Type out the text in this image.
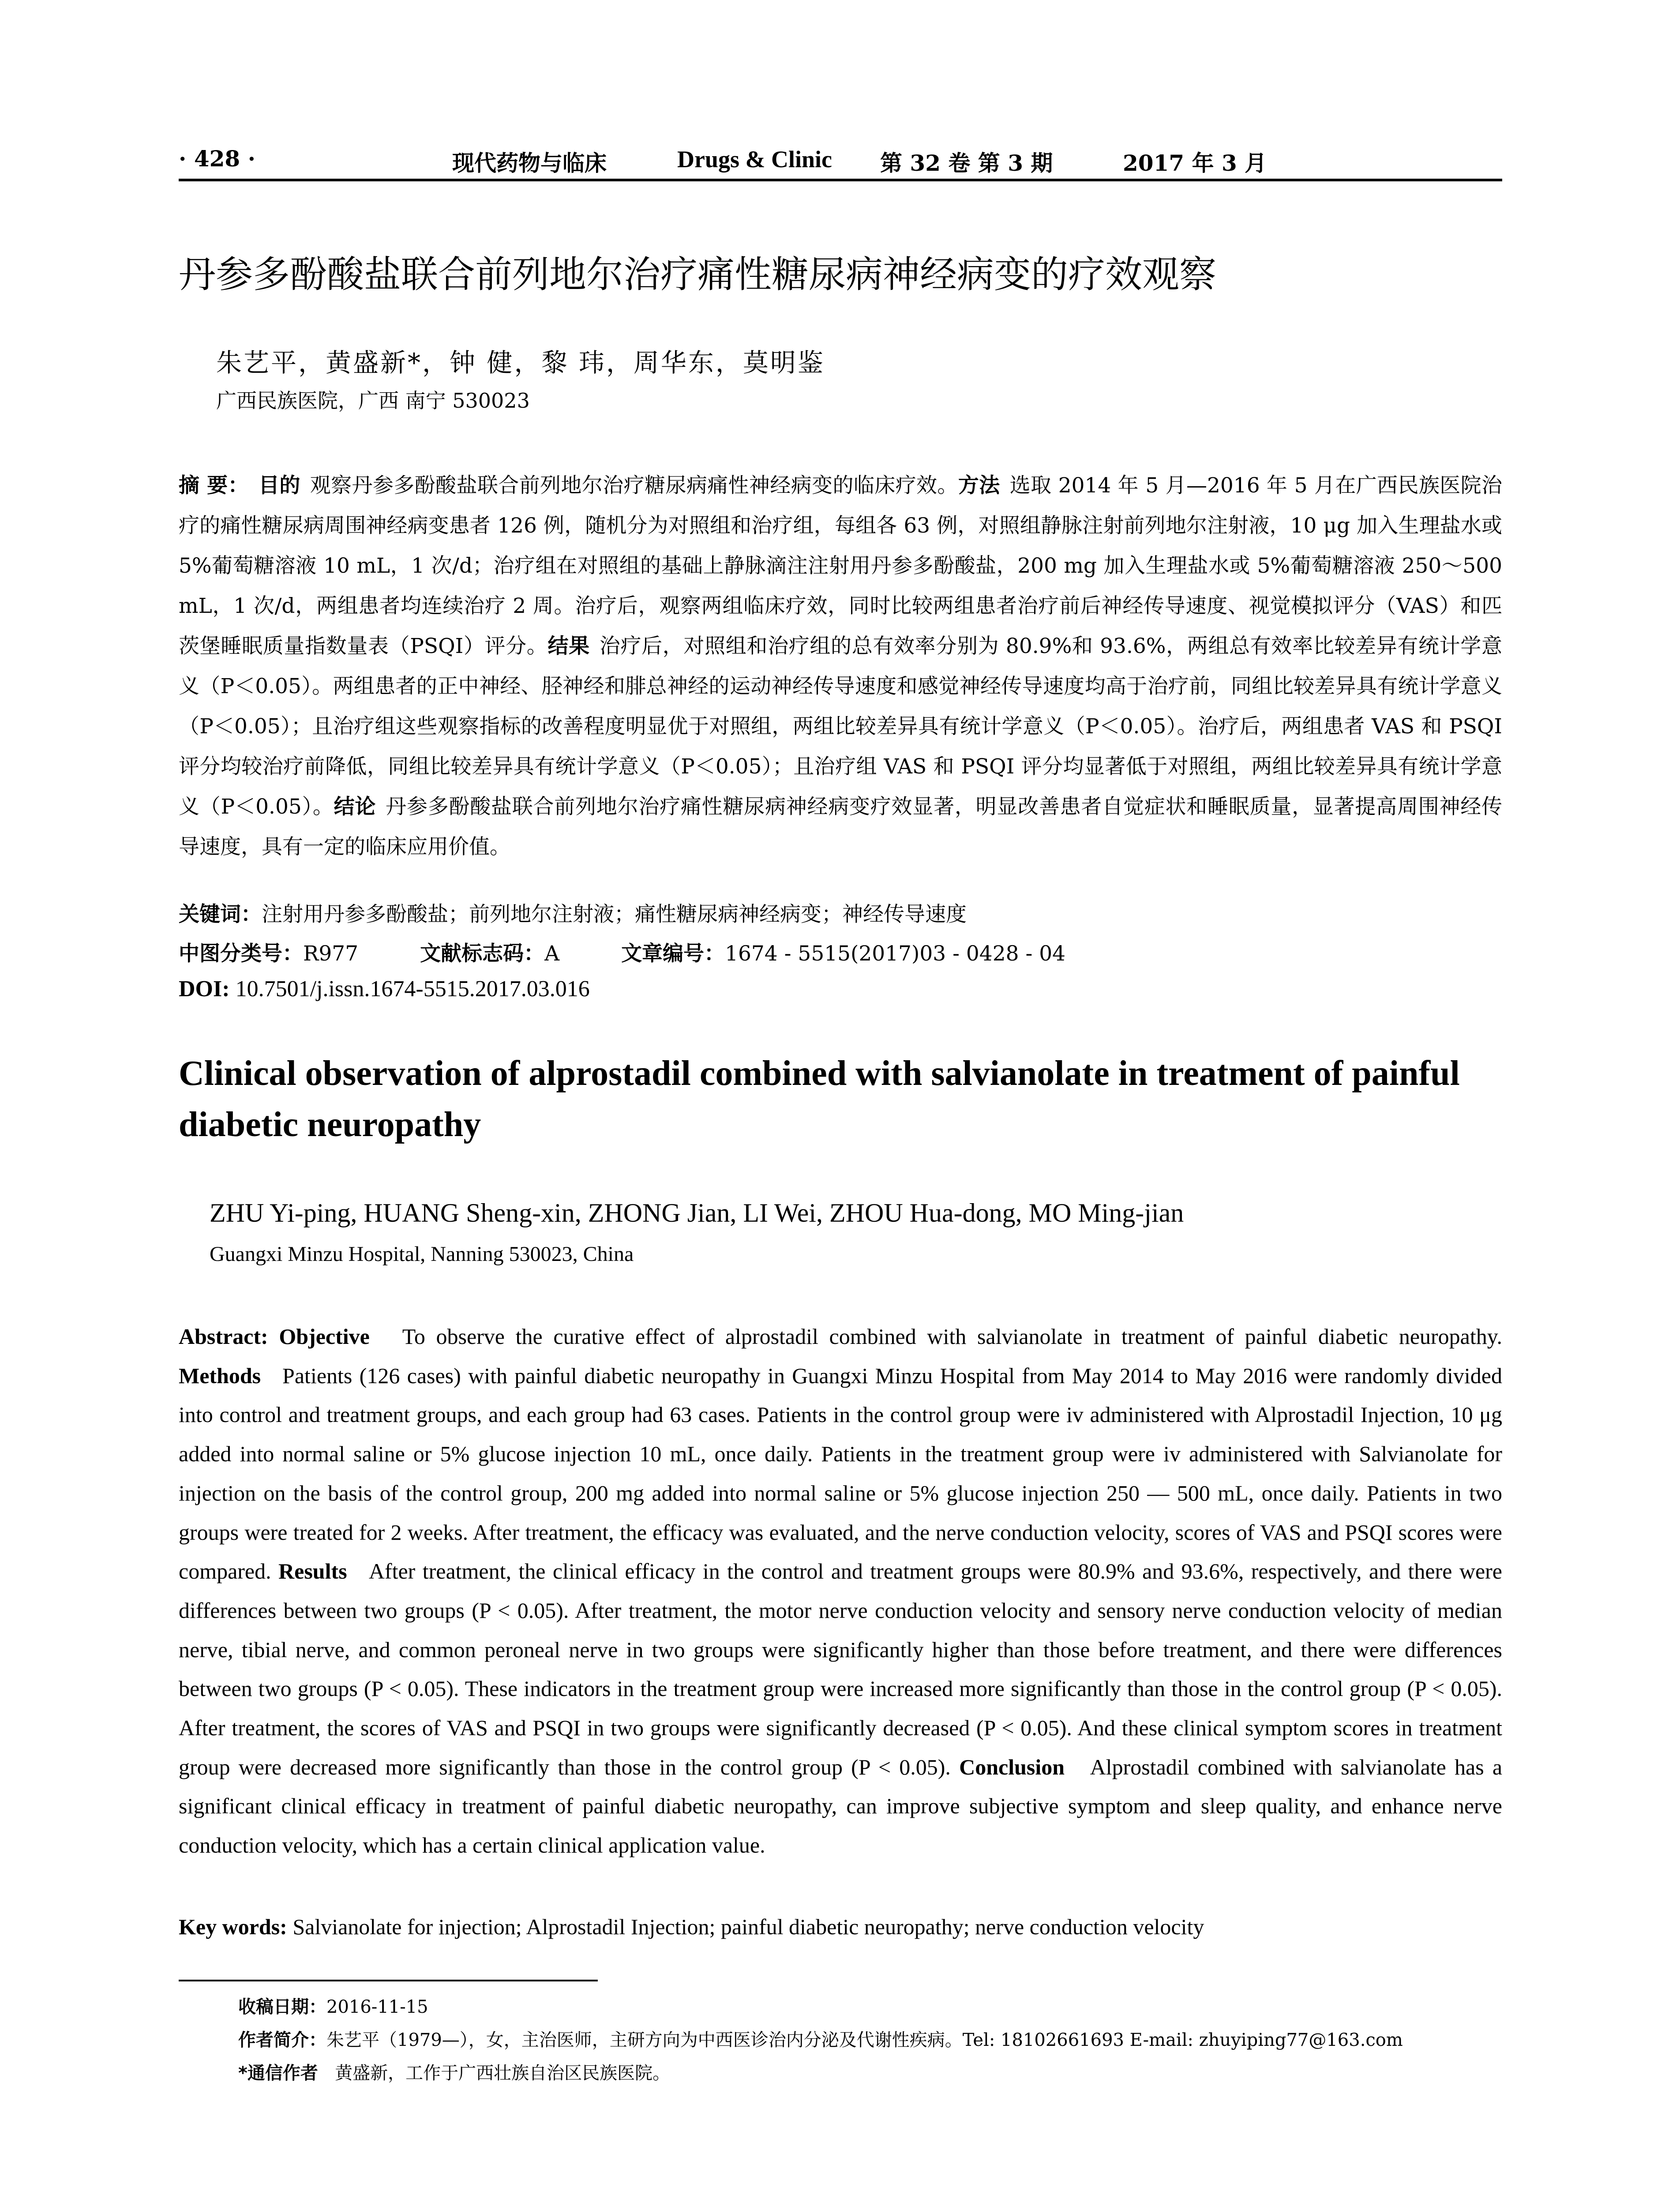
· 428 ·	现代药物与临床	Drugs & Clinic 第 32 卷 第 3 期	2017 年 3 月
丹参多酚酸盐联合前列地尔治疗痛性糖尿病神经病变的疗效观察
朱艺平，黄盛新*，钟 健，黎 玮，周华东，莫明鉴
广西民族医院，广西 南宁 530023
摘 要： 目的 观察丹参多酚酸盐联合前列地尔治疗糖尿病痛性神经病变的临床疗效。方法 选取 2014 年 5 月—2016 年 5 月在广西民族医院治疗的痛性糖尿病周围神经病变患者 126 例，随机分为对照组和治疗组，每组各 63 例，对照组静脉注射前列地尔注射液，10 μg 加入生理盐水或 5%葡萄糖溶液 10 mL，1 次/d；治疗组在对照组的基础上静脉滴注注射用丹参多酚酸盐，200 mg 加入生理盐水或 5%葡萄糖溶液 250～500 mL，1 次/d，两组患者均连续治疗 2 周。治疗后，观察两组临床疗效，同时比较两组患者治疗前后神经传导速度、视觉模拟评分（VAS）和匹茨堡睡眠质量指数量表（PSQI）评分。结果 治疗后，对照组和治疗组的总有效率分别为 80.9%和 93.6%，两组总有效率比较差异有统计学意义（P＜0.05）。两组患者的正中神经、胫神经和腓总神经的运动神经传导速度和感觉神经传导速度均高于治疗前，同组比较差异具有统计学意义（P＜0.05）；且治疗组这些观察指标的改善程度明显优于对照组，两组比较差异具有统计学意义（P＜0.05）。治疗后，两组患者 VAS 和 PSQI 评分均较治疗前降低，同组比较差异具有统计学意义（P＜0.05）；且治疗组 VAS 和 PSQI 评分均显著低于对照组，两组比较差异具有统计学意义（P＜0.05）。结论 丹参多酚酸盐联合前列地尔治疗痛性糖尿病神经病变疗效显著，明显改善患者自觉症状和睡眠质量，显著提高周围神经传导速度，具有一定的临床应用价值。
关键词：注射用丹参多酚酸盐；前列地尔注射液；痛性糖尿病神经病变；神经传导速度
中图分类号：R977	文献标志码：A	文章编号：1674 - 5515(2017)03 - 0428 - 04
DOI: 10.7501/j.issn.1674-5515.2017.03.016
Clinical observation of alprostadil combined with salvianolate in treatment of painful diabetic neuropathy
ZHU Yi-ping, HUANG Sheng-xin, ZHONG Jian, LI Wei, ZHOU Hua-dong, MO Ming-jian
Guangxi Minzu Hospital, Nanning 530023, China
Abstract: Objective To observe the curative effect of alprostadil combined with salvianolate in treatment of painful diabetic neuropathy. Methods Patients (126 cases) with painful diabetic neuropathy in Guangxi Minzu Hospital from May 2014 to May 2016 were randomly divided into control and treatment groups, and each group had 63 cases. Patients in the control group were iv administered with Alprostadil Injection, 10 μg added into normal saline or 5% glucose injection 10 mL, once daily. Patients in the treatment group were iv administered with Salvianolate for injection on the basis of the control group, 200 mg added into normal saline or 5% glucose injection 250 — 500 mL, once daily. Patients in two groups were treated for 2 weeks. After treatment, the efficacy was evaluated, and the nerve conduction velocity, scores of VAS and PSQI scores were compared. Results After treatment, the clinical efficacy in the control and treatment groups were 80.9% and 93.6%, respectively, and there were differences between two groups (P < 0.05). After treatment, the motor nerve conduction velocity and sensory nerve conduction velocity of median nerve, tibial nerve, and common peroneal nerve in two groups were significantly higher than those before treatment, and there were differences between two groups (P < 0.05). These indicators in the treatment group were increased more significantly than those in the control group (P < 0.05). After treatment, the scores of VAS and PSQI in two groups were significantly decreased (P < 0.05). And these clinical symptom scores in treatment group were decreased more significantly than those in the control group (P < 0.05). Conclusion Alprostadil combined with salvianolate has a significant clinical efficacy in treatment of painful diabetic neuropathy, can improve subjective symptom and sleep quality, and enhance nerve conduction velocity, which has a certain clinical application value.
Key words: Salvianolate for injection; Alprostadil Injection; painful diabetic neuropathy; nerve conduction velocity
收稿日期：2016-11-15
作者简介：朱艺平（1979—），女，主治医师，主研方向为中西医诊治内分泌及代谢性疾病。Tel: 18102661693 E-mail: zhuyiping77@163.com
*通信作者 黄盛新，工作于广西壮族自治区民族医院。
